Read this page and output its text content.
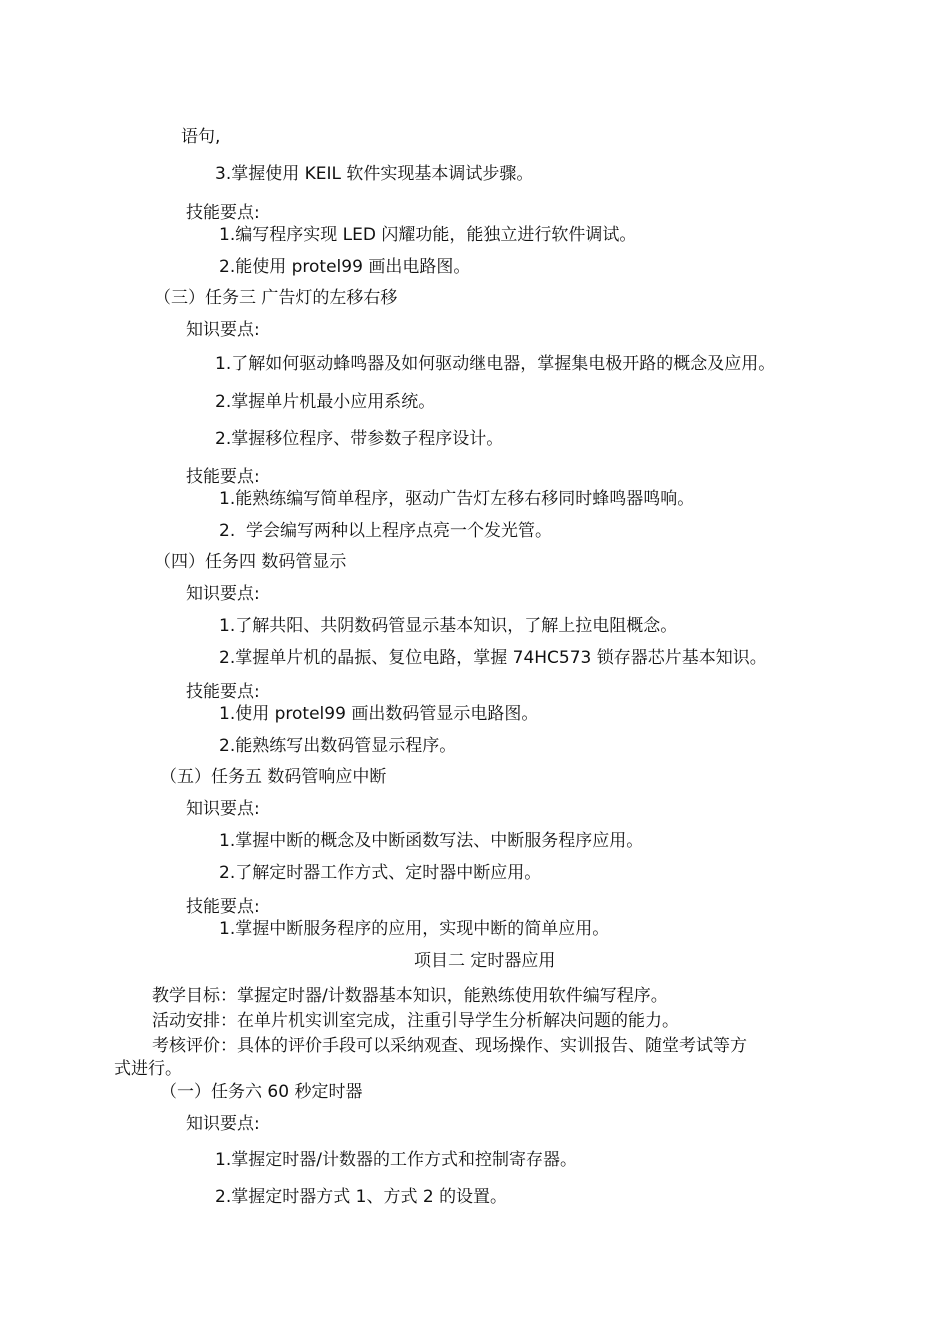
语句,
3.掌握使用 KEIL 软件实现基本调试步骤。
技能要点:
1.编写程序实现 LED 闪耀功能，能独立进行软件调试。
2.能使用 protel99 画出电路图。
（三）任务三 广告灯的左移右移
知识要点:
1.了解如何驱动蜂鸣器及如何驱动继电器，掌握集电极开路的概念及应用。
2.掌握单片机最小应用系统。
2.掌握移位程序、带参数子程序设计。
技能要点:
1.能熟练编写简单程序，驱动广告灯左移右移同时蜂鸣器鸣响。
2.  学会编写两种以上程序点亮一个发光管。
（四）任务四 数码管显示
知识要点:
1.了解共阳、共阴数码管显示基本知识，了解上拉电阻概念。
2.掌握单片机的晶振、复位电路，掌握 74HC573 锁存器芯片基本知识。
技能要点:
1.使用 protel99 画出数码管显示电路图。
2.能熟练写出数码管显示程序。
（五）任务五 数码管响应中断
知识要点:
1.掌握中断的概念及中断函数写法、中断服务程序应用。
2.了解定时器工作方式、定时器中断应用。
技能要点:
1.掌握中断服务程序的应用，实现中断的简单应用。
项目二 定时器应用
教学目标：掌握定时器/计数器基本知识，能熟练使用软件编写程序。
活动安排：在单片机实训室完成，注重引导学生分析解决问题的能力。
考核评价：具体的评价手段可以采纳观查、现场操作、实训报告、随堂考试等方
式进行。
（一）任务六 60 秒定时器
知识要点:
1.掌握定时器/计数器的工作方式和控制寄存器。
2.掌握定时器方式 1、方式 2 的设置。
